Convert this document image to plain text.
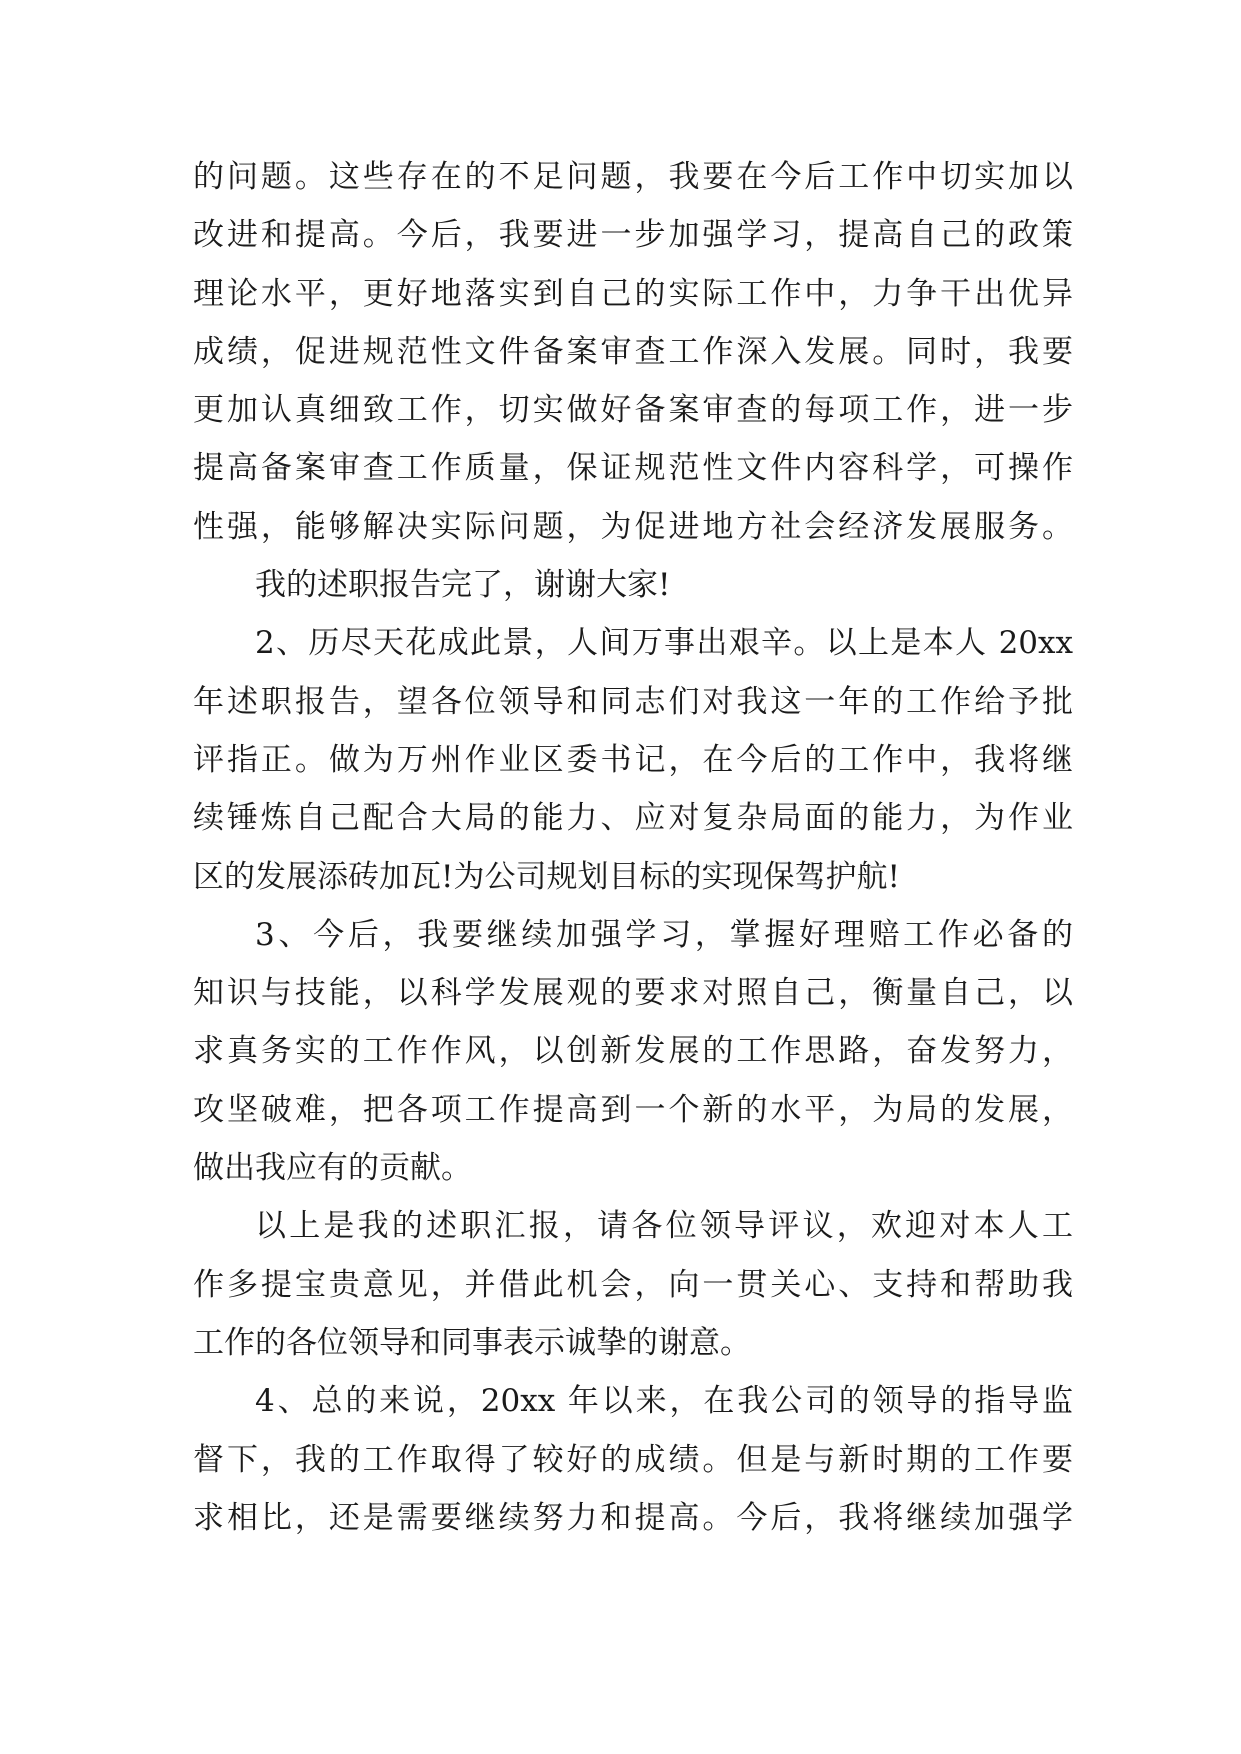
的问题。这些存在的不足问题，我要在今后工作中切实加以
改进和提高。今后，我要进一步加强学习，提高自己的政策
理论水平，更好地落实到自己的实际工作中，力争干出优异
成绩，促进规范性文件备案审查工作深入发展。同时，我要
更加认真细致工作，切实做好备案审查的每项工作，进一步
提高备案审查工作质量，保证规范性文件内容科学，可操作
性强，能够解决实际问题，为促进地方社会经济发展服务。
我的述职报告完了，谢谢大家!
2、历尽天花成此景，人间万事出艰辛。以上是本人 20xx
年述职报告，望各位领导和同志们对我这一年的工作给予批
评指正。做为万州作业区委书记，在今后的工作中，我将继
续锤炼自己配合大局的能力、应对复杂局面的能力，为作业
区的发展添砖加瓦!为公司规划目标的实现保驾护航!
3、今后，我要继续加强学习，掌握好理赔工作必备的
知识与技能，以科学发展观的要求对照自己，衡量自己，以
求真务实的工作作风，以创新发展的工作思路，奋发努力，
攻坚破难，把各项工作提高到一个新的水平，为局的发展，
做出我应有的贡献。
以上是我的述职汇报，请各位领导评议，欢迎对本人工
作多提宝贵意见，并借此机会，向一贯关心、支持和帮助我
工作的各位领导和同事表示诚挚的谢意。
4、总的来说，20xx 年以来，在我公司的领导的指导监
督下，我的工作取得了较好的成绩。但是与新时期的工作要
求相比，还是需要继续努力和提高。今后，我将继续加强学
